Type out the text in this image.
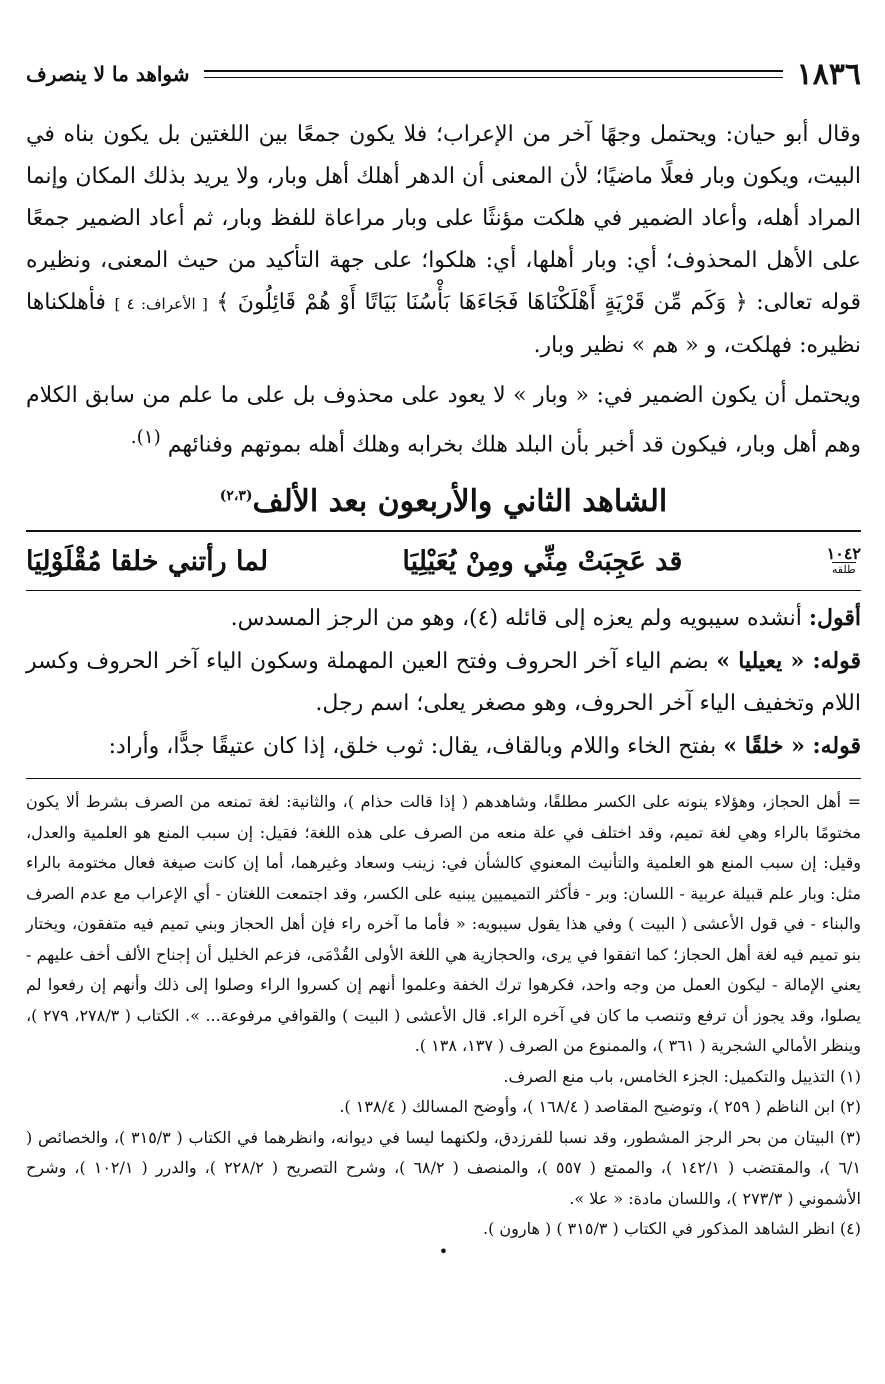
١٨٣٦
شواهد ما لا ينصرف

وقال أبو حيان: ويحتمل وجهًا آخر من الإعراب؛ فلا يكون جمعًا بين اللغتين بل يكون بناه في البيت، ويكون وبار فعلًا ماضيًا؛ لأن المعنى أن الدهر أهلك أهل وبار، ولا يريد بذلك المكان وإنما المراد أهله، وأعاد الضمير في هلكت مؤنثًا على وبار مراعاة للفظ وبار، ثم أعاد الضمير جمعًا على الأهل المحذوف؛ أي: وبار أهلها، أي: هلكوا؛ على جهة التأكيد من حيث المعنى، ونظيره قوله تعالى: ﴿ وَكَم مِّن قَرْيَةٍ أَهْلَكْنَاهَا فَجَاءَهَا بَأْسُنَا بَيَاتًا أَوْ هُمْ قَائِلُونَ ﴾ [ الأعراف: ٤ ] فأهلكناها نظيره: فهلكت، و « هم » نظير وبار.

ويحتمل أن يكون الضمير في: « وبار » لا يعود على محذوف بل على ما علم من سابق الكلام وهم أهل وبار، فيكون قد أخبر بأن البلد هلك بخرابه وهلك أهله بموتهم وفنائهم $^{(١).}$

الشاهد الثاني والأربعون بعد الألف$^{(٢،٣)}$
١٠٤٢
طلقه
قد عَجِبَتْ مِنِّي ومِنْ يُعَيْلِيَا
لما رأتني خلقا مُقْلَوْلِيَا

أقول: أنشده سيبويه ولم يعزه إلى قائله (٤)، وهو من الرجز المسدس.

قوله: « يعيليا » بضم الياء آخر الحروف وفتح العين المهملة وسكون الياء آخر الحروف وكسر اللام وتخفيف الياء آخر الحروف، وهو مصغر يعلى؛ اسم رجل.

قوله: « خلقًا » بفتح الخاء واللام وبالقاف، يقال: ثوب خلق، إذا كان عتيقًا جدًّا، وأراد:

= أهل الحجاز، وهؤلاء ينونه على الكسر مطلقًا، وشاهدهم ( إذا قالت حذام )، والثانية: لغة تمنعه من الصرف بشرط ألا يكون مختومًا بالراء وهي لغة تميم، وقد اختلف في علة منعه من الصرف على هذه اللغة؛ فقيل: إن سبب المنع هو العلمية والعدل، وقيل: إن سبب المنع هو العلمية والتأنيث المعنوي كالشأن في: زينب وسعاد وغيرهما، أما إن كانت صيغة فعال مختومة بالراء مثل: وبار علم قبيلة عربية - اللسان: وبر - فأكثر التميميين يبنيه على الكسر، وقد اجتمعت اللغتان - أي الإعراب مع عدم الصرف والبناء - في قول الأعشى ( البيت ) وفي هذا يقول سيبويه: « فأما ما آخره راء فإن أهل الحجاز وبني تميم فيه متفقون، ويختار بنو تميم فيه لغة أهل الحجاز؛ كما اتفقوا في يرى، والحجازية هي اللغة الأولى القُدْمَى، فزعم الخليل أن إجناح الألف أخف عليهم - يعني الإمالة - ليكون العمل من وجه واحد، فكرهوا ترك الخفة وعلموا أنهم إن كسروا الراء وصلوا إلى ذلك وأنهم إن رفعوا لم يصلوا، وقد يجوز أن ترفع وتنصب ما كان في آخره الراء. قال الأعشى ( البيت ) والقوافي مرفوعة... ». الكتاب ( ٢٧٨/٣، ٢٧٩ )، وينظر الأمالي الشجرية ( ٣٦١ )، والممنوع من الصرف ( ١٣٧، ١٣٨ ).

(١) التذييل والتكميل: الجزء الخامس، باب منع الصرف.

(٢) ابن الناظم ( ٢٥٩ )، وتوضيح المقاصد ( ١٦٨/٤ )، وأوضح المسالك ( ١٣٨/٤ ).

(٣) البيتان من بحر الرجز المشطور، وقد نسبا للفرزدق، ولكنهما ليسا في ديوانه، وانظرهما في الكتاب ( ٣١٥/٣ )، والخصائص ( ٦/١ )، والمقتضب ( ١٤٢/١ )، والممتع ( ٥٥٧ )، والمنصف ( ٦٨/٢ )، وشرح التصريح ( ٢٢٨/٢ )، والدرر ( ١٠٢/١ )، وشرح الأشموني ( ٢٧٣/٣ )، واللسان مادة: « علا ».

(٤) انظر الشاهد المذكور في الكتاب ( ٣١٥/٣ ) ( هارون ).

•
